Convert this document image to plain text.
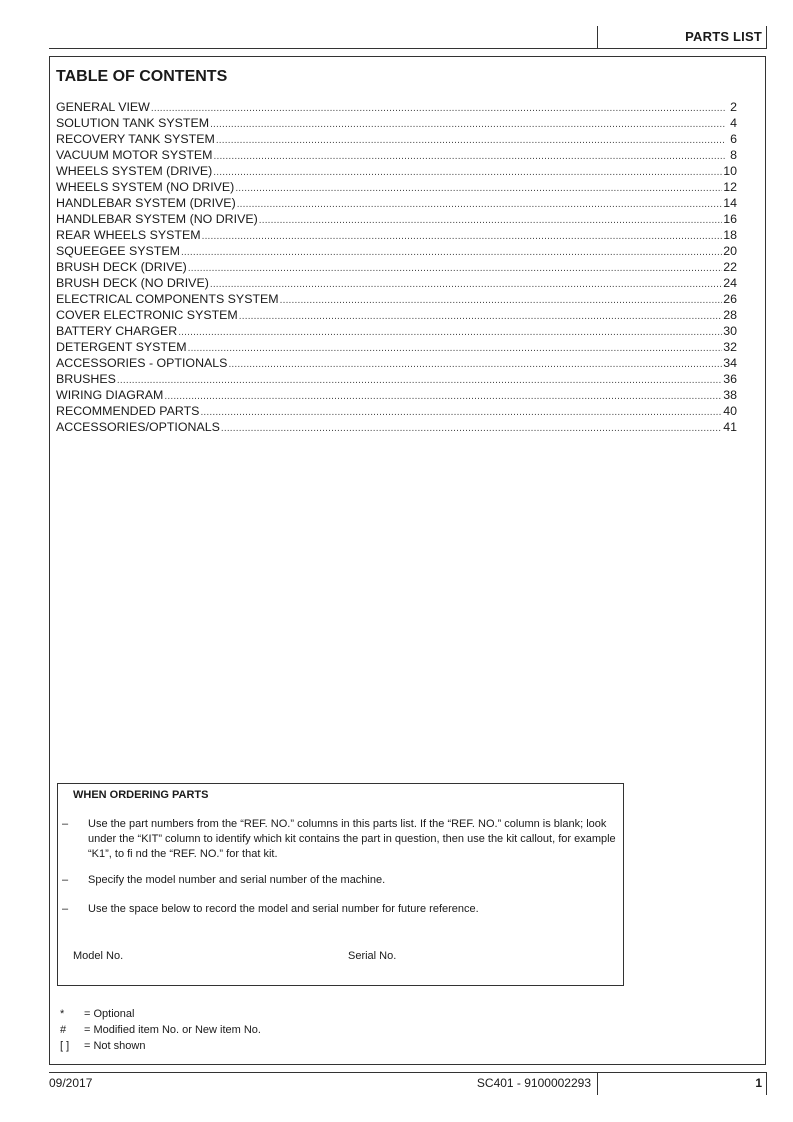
PARTS LIST
TABLE OF CONTENTS
GENERAL VIEW .....	2
SOLUTION TANK SYSTEM .....	4
RECOVERY TANK SYSTEM .....	6
VACUUM MOTOR SYSTEM .....	8
WHEELS SYSTEM (DRIVE) .....	10
WHEELS SYSTEM (NO DRIVE) .....	12
HANDLEBAR SYSTEM (DRIVE) .....	14
HANDLEBAR SYSTEM (NO DRIVE) .....	16
REAR WHEELS SYSTEM .....	18
SQUEEGEE SYSTEM .....	20
BRUSH DECK (DRIVE) .....	22
BRUSH DECK (NO DRIVE) .....	24
ELECTRICAL COMPONENTS SYSTEM .....	26
COVER ELECTRONIC SYSTEM .....	28
BATTERY CHARGER .....	30
DETERGENT SYSTEM .....	32
ACCESSORIES - OPTIONALS .....	34
BRUSHES .....	36
WIRING DIAGRAM .....	38
RECOMMENDED PARTS .....	40
ACCESSORIES/OPTIONALS .....	41
WHEN ORDERING PARTS
– Use the part numbers from the “REF. NO.” columns in this parts list. If the “REF. NO.” column is blank; look under the “KIT” column to identify which kit contains the part in question, then use the kit callout, for example “K1”, to fi nd the “REF. NO.” for that kit.
– Specify the model number and serial number of the machine.
– Use the space below to record the model and serial number for future reference.
Model No.	Serial No.
*	= Optional
#	= Modified item No. or New item No.
[ ]	= Not shown
09/2017	SC401 - 9100002293	1
